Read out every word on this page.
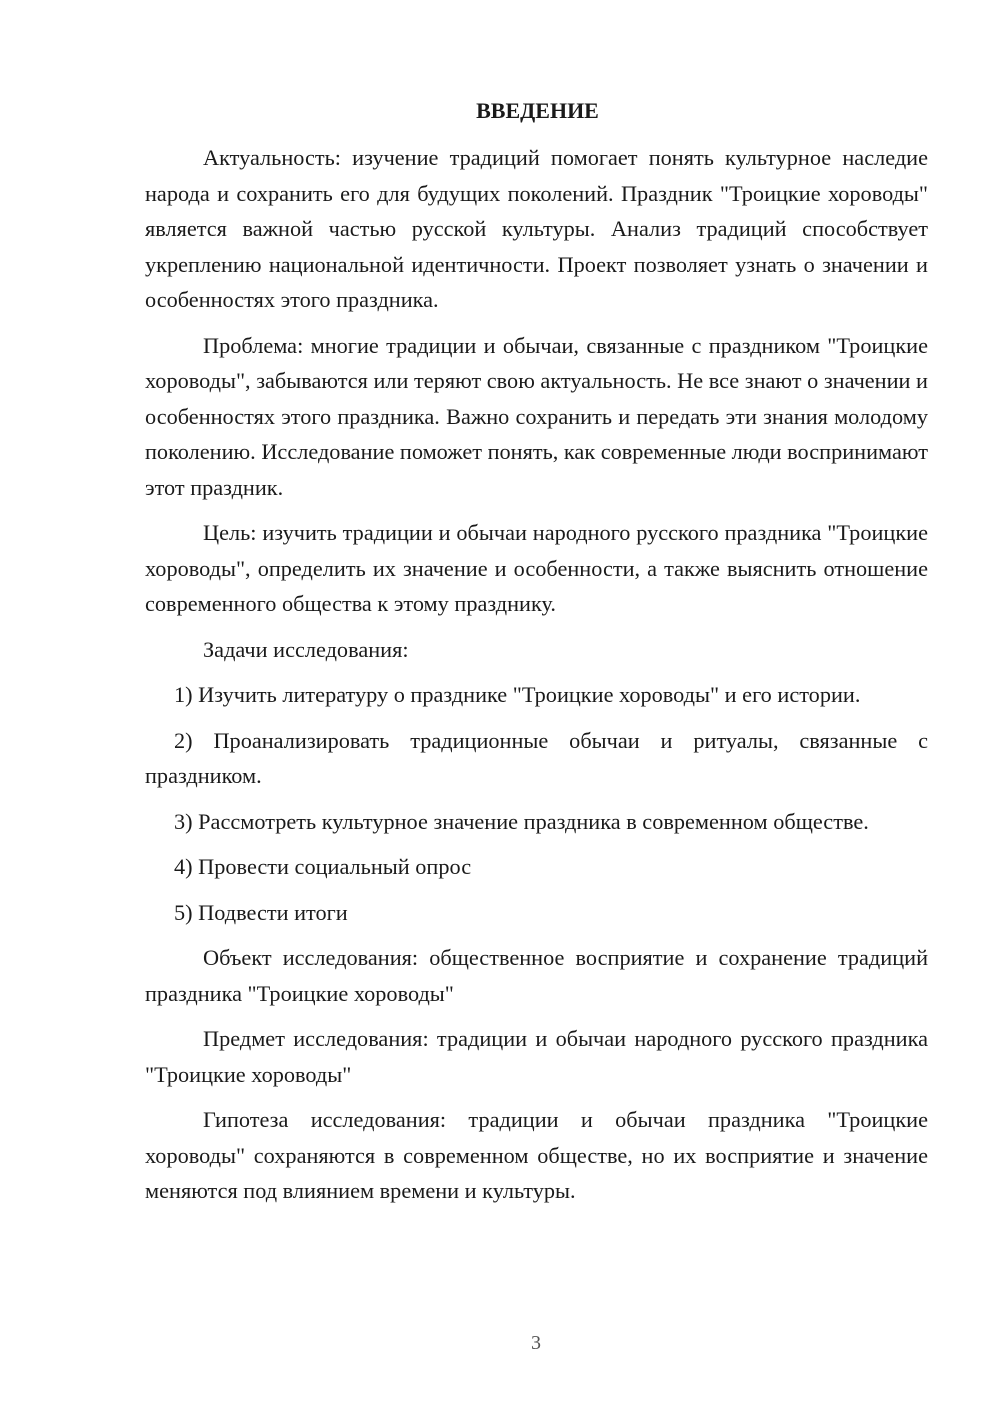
ВВЕДЕНИЕ

Актуальность: изучение традиций помогает понять культурное наследие народа и сохранить его для будущих поколений. Праздник "Троицкие хороводы" является важной частью русской культуры. Анализ традиций способствует укреплению национальной идентичности. Проект позволяет узнать о значении и особенностях этого праздника.

Проблема: многие традиции и обычаи, связанные с праздником "Троицкие хороводы", забываются или теряют свою актуальность. Не все знают о значении и особенностях этого праздника. Важно сохранить и передать эти знания молодому поколению. Исследование поможет понять, как современные люди воспринимают этот праздник.

Цель: изучить традиции и обычаи народного русского праздника "Троицкие хороводы", определить их значение и особенности, а также выяснить отношение современного общества к этому празднику.

Задачи исследования:

1) Изучить литературу о празднике "Троицкие хороводы" и его истории.

2) Проанализировать традиционные обычаи и ритуалы, связанные с праздником.

3) Рассмотреть культурное значение праздника в современном обществе.

4) Провести социальный опрос

5) Подвести итоги

Объект исследования: общественное восприятие и сохранение традиций праздника "Троицкие хороводы"

Предмет исследования: традиции и обычаи народного русского праздника "Троицкие хороводы"

Гипотеза исследования: традиции и обычаи праздника "Троицкие хороводы" сохраняются в современном обществе, но их восприятие и значение меняются под влиянием времени и культуры.

3
